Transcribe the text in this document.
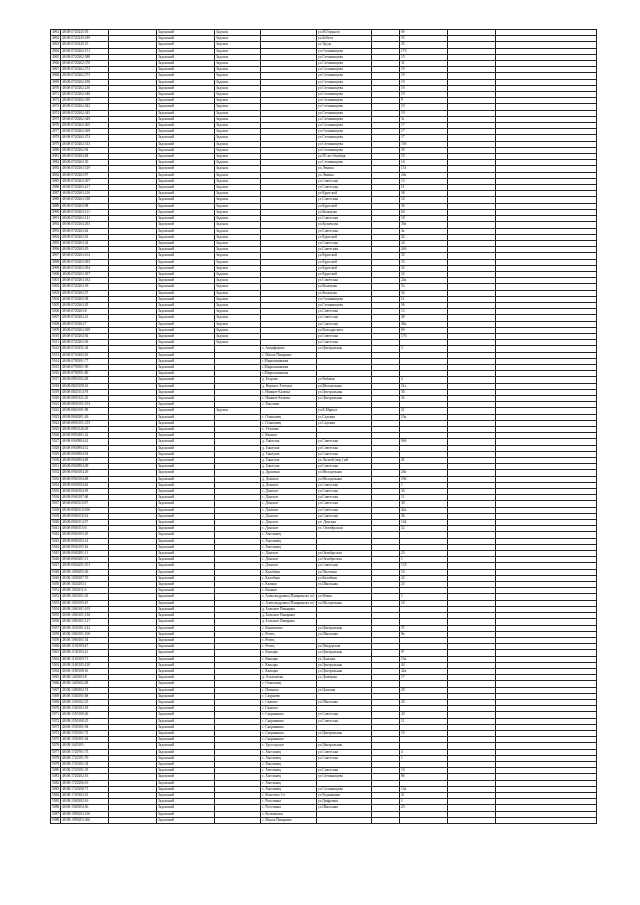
4961	48:08:0720245:59		Задонский	Задонск		ул.М.Горького		69		
4962	48:08:0720245:189		Задонский	Задонск		ул.Бебеля		55		
4963	48:08:0720245:19		Задонский	Задонск		ул.Труда		25		
4964	48:08:0720262:151		Задонский	Задонск		ул.Степанищева		17б		
4965	48:08:0720262:388		Задонский	Задонск		ул.Степанищева		15		
4966	48:08:0720262:370		Задонский	Задонск		ул.Степанищева		31		
4967	48:08:0720262:372		Задонский	Задонск		ул.Степанищева		19		
4968	48:08:0720262:373		Задонский	Задонск		ул.Степанищева		19		
4969	48:08:0720262:186		Задонский	Задонск		ул.Степанищева		19		
4970	48:08:0720262:216		Задонский	Задонск		ул.Степанищева		19		
4971	48:08:0720262:346		Задонский	Задонск		ул.Степанищева		19		
4972	48:08:0720262:339		Задонский	Задонск		ул.Степанищева		9		
4973	48:08:0720262:342		Задонский	Задонск		ул.Степанищева		19		
4974	48:08:0720262:345		Задонский	Задонск		ул.Степанищева		19		
4975	48:08:0720262:349		Задонский	Задонск		ул.Степанищева		3г		
4976	48:08:0720262:365		Задонский	Задонск		ул.Степанищева		17		
4977	48:08:0720262:369		Задонский	Задонск		ул.Степанищева		17		
4978	48:08:0720262:374		Задонский	Задонск		ул.Степанищева		17		
4979	48:08:0720262:333		Задонский	Задонск		ул.Степанищева		10б		
4980	48:08:0720262:92		Задонский	Задонск		ул.Степанищева		29		
4981	48:08:0720263:84		Задонский	Задонск		ул.50 лет Октября		19		
4982	48:08:0720263:30		Задонский	Задонск		ул.Степанищева		10		
4983	48:08:0720263:319		Задонский	Задонск		ул.Ленина		17а		
4984	48:08:0720263:97		Задонский	Задонск		ул.Ленина		20а		
4985	48:08:0720263:307		Задонский	Задонск		ул.Советская		13		
4986	48:08:0720263:217		Задонский	Задонск		ул.Советская		11		
4987	48:08:0720263:216		Задонский	Задонск		ул.Крупской		38		
4988	48:08:0720263:338		Задонский	Задонск		ул.Советская		14		
4989	48:08:0720263:98		Задонский	Задонск		ул.Крупской		36		
4990	48:08:0720263:111		Задонский	Задонск		ул.Коммуны		60		
4991	48:08:0720263:141		Задонский	Задонск		ул.Советская		18		
4992	48:08:0720263:293		Задонский	Задонск		ул.Кузнецова		39а		
4993	48:08:0720263:62		Задонский	Задонск		ул.Советская		3а		
4994	48:08:0720263:33		Задонский	Задонск		ул.Крупской		22		
4995	48:08:0720263:34		Задонский	Задонск		ул.Советская		24		
4996	48:08:0720263:29		Задонский	Задонск		ул.Советская		24б		
4997	48:08:0720263:102		Задонский	Задонск		ул.Крупской		35		
4998	48:08:0720263:393		Задонский	Задонск		ул.Крупской		33		
4999	48:08:0720263:394		Задонский	Задонск		ул.Крупской		32		
5000	48:08:0720263:397		Задонский	Задонск		ул.Крупской		32		
5001	48:08:0720263:182		Задонский	Задонск		ул.Советская		24а		
5002	48:08:0720263:39		Задонский	Задонск		ул.Коммуны		52		
5003	48:08:0720263:37		Задонский	Задонск		ул.Коммуны		54		
5004	48:08:0720263:38		Задонский	Задонск		ул.Степанищева		11		
5005	48:08:0720263:29		Задонский	Задонск		ул.Степанищева		36		
5006	48:08:0720263:8		Задонский	Задонск		ул.Советская		13		
5007	48:08:0720263:21		Задонский	Задонск		ул.Советская		40		
5008	48:08:0720263:7		Задонский	Задонск		ул.Советская		48а		
5009	48:08:0720263:369		Задонский	Задонск		ул.Володарского		69		
5010	48:08:0720263:92		Задонский	Задонск		ул.Советская		17б		
5011	48:08:0720263:36		Задонский	Задонск		ул.Советская				
5012	48:08:0720331:34		Задонский		с. Анциферово	ул.Центральная		3		
5013	48:08:0730402:65		Задонский		с. Малое Панарино					
5014	48:08:0780201:77		Задонский		с.Мирошниковка					
5015	48:08:0790501:90		Задонский		с.Мирошниковка					
5016	48:08:0790501:80		Задонский		с.Мирошниковка					
5017	48:08:0850102:28		Задонский		д. Егорово	ул.Рябовая		2		
5018	48:08:0820109:61		Задонский		д. Верхнее Хаттуки	ул.Молодежная		21а		
5019	48:08:0820114:79		Задонский		с. Нижнее Казачье	ул.Центральная		36		
5020	48:08:0830121:23		Задонский		с. Нижнее Казачье	ул.Центральная		34		
5021	48:08:0830101:193		Задонский		с. Хмелино					
5022	48:08:0820101:98		Задонский	Задонск		ул.К.Маркса		21		
5023	48:08:0840201:26		Задонский		с. Ольшанец	ул.Садовая		10а		
5024	48:08:0850101:215		Задонский		с. Ольшанец	ул.Садовая				
5025	48:08:0850128:49		Задонский		с. Утешево					
5026	48:08:0850401:22		Задонский		с. Камыш					
5027	48:08:0940904:41		Задонский		д. Гнилуша	ул.Советская		96б		
5028	48:08:0940904:12		Задонский		д. Гнилуша	ул.Советская				
5029	48:08:0940904:54		Задонский		д. Гнилуша	ул.Советская				
5030	48:08:0940904:68		Задонский		д. Гнилуша	ул.Лесной (пер.) ий		41		
5031	48:08:0940904:49		Задонский		д. Гнилуша	ул.Советская				
5032	48:08:0940104:29		Задонский		д. Дрязгино	ул.Молодежная		29а		
5033	48:08:0940104:68		Задонский		д. Донское	ул.Молодежная		10б		
5034	48:08:0940304:62		Задонский		д. Донское	ул.Советская		1		
5035	48:08:0940104:95		Задонский		с. Донское	ул.Советская		3б		
5036	48:08:0940107:68		Задонский		с. Донское	ул.Советская		11		
5037	48:08:0940110:97		Задонский		с. Донское	ул.Советская		30		
5038	48:08:0940110:106		Задонский		с. Донское	ул.Советская		42а		
5039	48:08:0940110:14		Задонский		с. Донское	ул.Советская		40		
5040	48:08:0940114:37		Задонский		с. Донское	ул. Донская		144		
5041	48:08:0940115:6		Задонский		с. Донское	ул. Октябрьская		52		
5042	48:08:0940103:29		Задонский		с. Хмелинец					
5043	48:08:0940103:14		Задонский		с. Хмелинец					
5044	48:08:0940105:62		Задонский		с. Хмелинец					
5045	48:08:0940201:11		Задонский		с. Донское	ул.Октябрьская		23		
5046	48:08:0940201:13		Задонский		с. Донское	ул.Октябрьская		1		
5047	48:08:0940201:101		Задонский		с. Донское	ул.Советская		133		
5048	48:08:1000205:36		Задонский		с. Калабино	ул.Пасечная		10		
5049	48:08:1000207:70		Задонский		с. Калабино	ул.Калабино		22		
5050	48:08:1020203:1		Задонский		с. Камыш	ул.Школьная		23		
5051	48:08:1020211:6		Задонский		с. Камыш					
5052	48:08:1020101:43		Задонский		с. Александровка (Панаринско го)	ул.Новая		1		
5053	48:08:1050105:67		Задонский		с. Александровка (Панаринско го)	ул.Молодежная		10		
5054	48:08:1060101:103		Задонский		д. Большое Панарино					
5055	48:08:1060101:136		Задонский		д. Большое Панарино					
5056	48:08:1060101:127		Задонский		д. Большое Панарино					
5057	48:08:1030101:142		Задонский		с. Кашинские	ул.Центральная		37		
5058	48:08:1060101:106		Задонский		с. Репец	ул.Школьная		8в		
5059	48:08:1060101:54		Задонский		с. Репец					
5060	48:08:1130303:47		Задонский		с. Репец	ул.Пендерская				
5061	48:08:1130303:41		Задонский		с. Кашары	ул.Центральная		97		
5062	48:08:1130303:71		Задонский		с. Кашары	ул.Донская		13а		
5063	48:08:1180305:130		Задонский		с. Кашары	ул.Центральная		44		
5064	48:08:1180308:16		Задонский		с. Кашары	ул.Центральная		42а		
5065	48:08:1440303:8		Задонский		д. Ольховатка	ул.Донецкая		17		
5066	48:08:1440302:28		Задонский		с. Ольшанец					
5067	48:08:1480302:74		Задонский		с. Патынок	ул.Цонская		20		
5068	48:08:1540101:68		Задонский		с. Скурнево					
5069	48:08:1540102:25		Задонский		с. Скатное	ул.Школьная		20		
5070	48:08:1540102:18		Задонский		с. Скатное					
5071	48:08:1550100:26		Задонский		с. Скорнякино	ул.Советская		20		
5072	48:08:1550100:25		Задонский		с. Скорнякино	ул.Советская		11		
5073	48:08:1550101:94		Задонский		с. Скорнякино					
5074	48:08:1550101:72		Задонский		с. Скорнякино	ул.Центральная		10		
5075	48:08:1550101:64		Задонский		с. Скорнякино					
5076	48:08:1620101:		Задонский		с. Трусгодское	ул.Центральная				
5077	48:08:1720701:73		Задонский		с. Хмелинец	ул.Советская		4		
5078	48:08:1720101:76		Задонский		с. Хмелинец	ул.Советская		1		
5079	48:08:1720101:34		Задонский		с. Хмелинец					
5080	48:08:1720101:35		Задонский		с. Хмелинец	ул.Советская		1б		
5081	48:08:1720202:16		Задонский		с. Хмелинец	ул.Степанищева		8б		
5082	48:08:1720206:10		Задонский		с. Хмелинец					
5083	48:08:1720208:71		Задонский		с. Хмелинец	ул.Степанищева		13а		
5084	48:08:1740302:23		Задонский		с. Кочетово 1-е	ул.Родниковая		21		
5085	48:08:1940302:16		Задонский		с. Рогозинка	ул.Цифровая		1		
5086	48:08:1940304:56		Задонский		с. Рогозинка	ул.Школьная		25		
5087	48:08:1990203:160		Задонский		с. Кузьмашки					
5088	48:08:1990203:366		Задонский		с. Малое Панарино					
